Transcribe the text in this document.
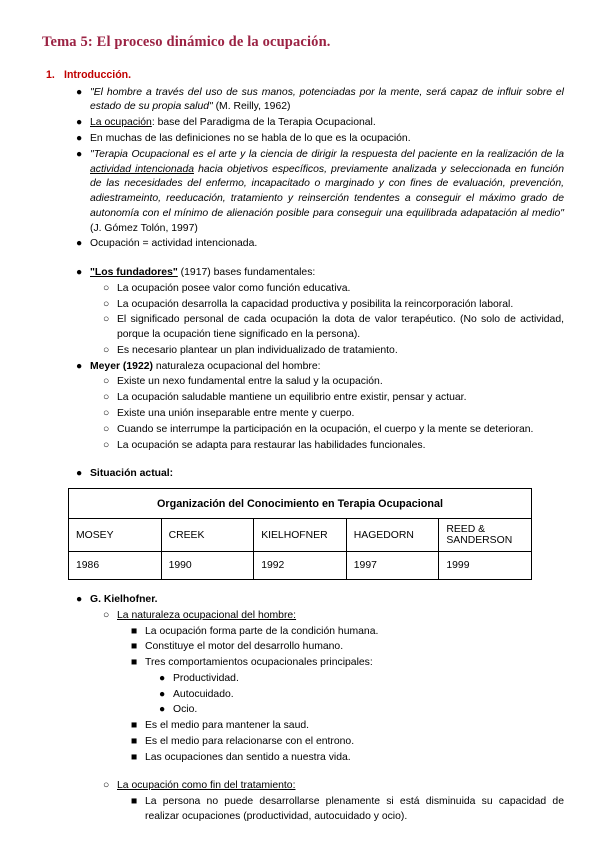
Tema 5: El proceso dinámico de la ocupación.
1. Introducción.
● "El hombre a través del uso de sus manos, potenciadas por la mente, será capaz de influir sobre el estado de su propia salud" (M. Reilly, 1962)
● La ocupación: base del Paradigma de la Terapia Ocupacional.
● En muchas de las definiciones no se habla de lo que es la ocupación.
● "Terapia Ocupacional es el arte y la ciencia de dirigir la respuesta del paciente en la realización de la actividad intencionada hacia objetivos específicos, previamente analizada y seleccionada en función de las necesidades del enfermo, incapacitado o marginado y con fines de evaluación, prevención, adiestrameinto, reeducación, tratamiento y reinserción tendentes a conseguir el máximo grado de autonomía con el mínimo de alienación posible para conseguir una equilibrada adapatación al medio" (J. Gómez Tolón, 1997)
● Ocupación = actividad intencionada.
● "Los fundadores" (1917) bases fundamentales:
○ La ocupación posee valor como función educativa.
○ La ocupación desarrolla la capacidad productiva y posibilita la reincorporación laboral.
○ El significado personal de cada ocupación la dota de valor terapéutico. (No solo de actividad, porque la ocupación tiene significado en la persona).
○ Es necesario plantear un plan individualizado de tratamiento.
● Meyer (1922) naturaleza ocupacional del hombre:
○ Existe un nexo fundamental entre la salud y la ocupación.
○ La ocupación saludable mantiene un equilibrio entre existir, pensar y actuar.
○ Existe una unión inseparable entre mente y cuerpo.
○ Cuando se interrumpe la participación en la ocupación, el cuerpo y la mente se deterioran.
○ La ocupación se adapta para restaurar las habilidades funcionales.
● Situación actual:
Organización del Conocimiento en Terapia Ocupacional				
MOSEY	CREEK	KIELHOFNER	HAGEDORN	REED & SANDERSON
1986	1990	1992	1997	1999
● G. Kielhofner.
○ La naturaleza ocupacional del hombre:
■ La ocupación forma parte de la condición humana.
■ Constituye el motor del desarrollo humano.
■ Tres comportamientos ocupacionales principales:
● Productividad.
● Autocuidado.
● Ocio.
■ Es el medio para mantener la saud.
■ Es el medio para relacionarse con el entrono.
■ Las ocupaciones dan sentido a nuestra vida.
○ La ocupación como fin del tratamiento:
■ La persona no puede desarrollarse plenamente si está disminuida su capacidad de realizar ocupaciones (productividad, autocuidado y ocio).
